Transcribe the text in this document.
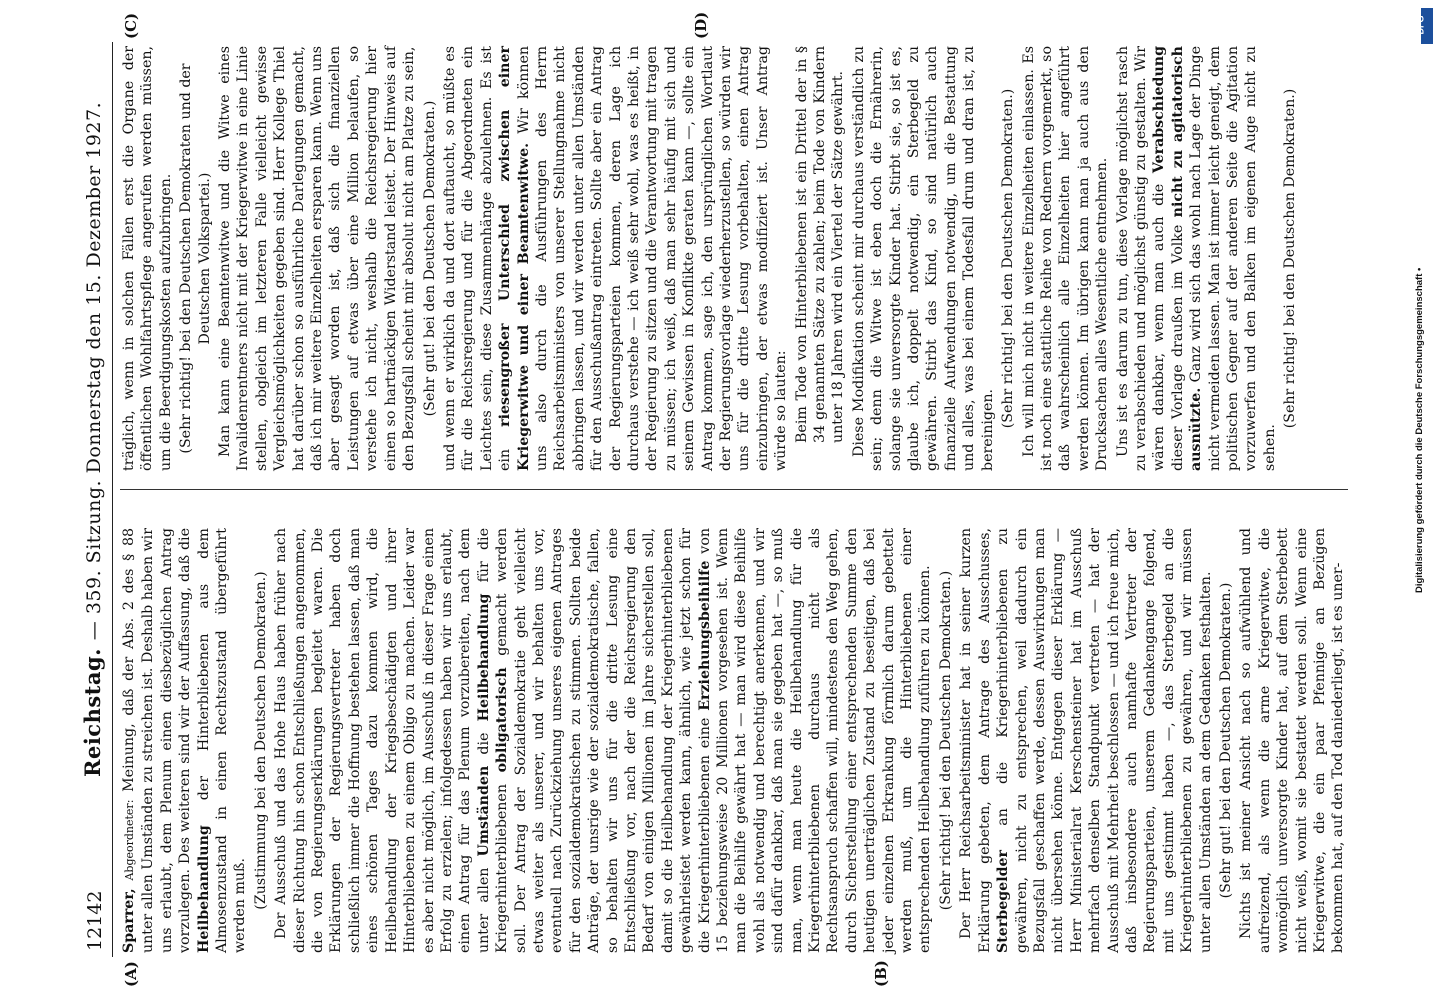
12142
Reichstag. — 359. Sitzung. Donnerstag den 15. Dezember 1927.

Sparrer, Abgeordneter: Meinung, daß der Abs. 2 des § 88 unter allen Umständen zu streichen ist. Deshalb haben wir uns erlaubt, dem Plenum einen diesbezüglichen Antrag vorzulegen. Des weiteren sind wir der Auffassung, daß die Heilbehandlung der Hinterbliebenen aus dem Almosenzustand in einen Rechtszustand übergeführt werden muß. (Zustimmung bei den Deutschen Demokraten.) Der Ausschuß und das Hohe Haus haben früher nach dieser Richtung hin schon Entschließungen angenommen, die von Regierungserklärungen begleitet waren. Die Erklärungen der Regierungsvertreter haben doch schließlich immer die Hoffnung bestehen lassen, daß man eines schönen Tages dazu kommen wird, die Heilbehandlung der Kriegsbeschädigten und ihrer Hinterbliebenen zu einem Obligo zu machen. Leider war es aber nicht möglich, im Ausschuß in dieser Frage einen Erfolg zu erzielen; infolgedessen haben wir uns erlaubt, einen Antrag für das Plenum vorzubereiten, nach dem unter allen Umständen die Heilbehandlung für die Kriegerhinterbliebenen obligatorisch gemacht werden soll. Der Antrag der Sozialdemokratie geht vielleicht etwas weiter als unserer, und wir behalten uns vor, eventuell nach Zurückziehung unseres eigenen Antrages für den sozialdemokratischen zu stimmen. Sollten beide Anträge, der unsrige wie der sozialdemokratische, fallen, so behalten wir uns für die dritte Lesung eine Entschließung vor, nach der die Reichsregierung den Bedarf von einigen Millionen im Jahre sicherstellen soll, damit so die Heilbehandlung der Kriegerhinterbliebenen gewährleistet werden kann, ähnlich, wie jetzt schon für die Kriegerhinterbliebenen eine Erziehungsbeihilfe von 15 beziehungsweise 20 Millionen vorgesehen ist. Wenn man die Beihilfe gewährt hat — man wird diese Beihilfe wohl als notwendig und berechtigt anerkennen, und wir sind dafür dankbar, daß man sie gegeben hat —, so muß man, wenn man heute die Heilbehandlung für die Kriegerhinterbliebenen durchaus nicht als Rechtsanspruch schaffen will, mindestens den Weg gehen, durch Sicherstellung einer entsprechenden Summe den heutigen unerträglichen Zustand zu beseitigen, daß bei jeder einzelnen Erkrankung förmlich darum gebettelt werden muß, um die Hinterbliebenen einer entsprechenden Heilbehandlung zuführen zu können. (Sehr richtig! bei den Deutschen Demokraten.) Der Herr Reichsarbeitsminister hat in seiner kurzen Erklärung gebeten, dem Antrage des Ausschusses, Sterbegelder an die Kriegerhinterbliebenen zu gewähren, nicht zu entsprechen, weil dadurch ein Bezugsfall geschaffen werde, dessen Auswirkungen man nicht übersehen könne. Entgegen dieser Erklärung — Herr Ministerialrat Kerschensteiner hat im Ausschuß mehrfach denselben Standpunkt vertreten — hat der Ausschuß mit Mehrheit beschlossen — und ich freue mich, daß insbesondere auch namhafte Vertreter der Regierungsparteien, unserem Gedankengange folgend, mit uns gestimmt haben —, das Sterbegeld an die Kriegerhinterbliebenen zu gewähren, und wir müssen unter allen Umständen an dem Gedanken festhalten. (Sehr gut! bei den Deutschen Demokraten.) Nichts ist meiner Ansicht nach so aufwühlend und aufreizend, als wenn die arme Kriegerwitwe, die womöglich unversorgte Kinder hat, auf dem Sterbebett nicht weiß, womit sie bestattet werden soll. Wenn eine Kriegerwitwe, die ein paar Pfennige an Bezügen bekommen hat, auf den Tod daniederliegt, ist es uner-

träglich, wenn in solchen Fällen erst die Organe der öffentlichen Wohlfahrtspflege angerufen werden müssen, um die Beerdigungskosten aufzubringen. (Sehr richtig! bei den Deutschen Demokraten und der Deutschen Volkspartei.) Man kann eine Beamtenwitwe und die Witwe eines Invalidenrentners nicht mit der Kriegerwitwe in eine Linie stellen, obgleich im letzteren Falle vielleicht gewisse Vergleichsmöglichkeiten gegeben sind. Herr Kollege Thiel hat darüber schon so ausführliche Darlegungen gemacht, daß ich mir weitere Einzelheiten ersparen kann. Wenn uns aber gesagt worden ist, daß sich die finanziellen Leistungen auf etwas über eine Million belaufen, so verstehe ich nicht, weshalb die Reichsregierung hier einen so hartnäckigen Widerstand leistet. Der Hinweis auf den Bezugsfall scheint mir absolut nicht am Platze zu sein, (Sehr gut! bei den Deutschen Demokraten.) und wenn er wirklich da und dort auftaucht, so müßte es für die Reichsregierung und für die Abgeordneten ein Leichtes sein, diese Zusammenhänge abzulehnen. Es ist ein riesengroßer Unterschied zwischen einer Kriegerwitwe und einer Beamtenwitwe. Wir können uns also durch die Ausführungen des Herrn Reichsarbeitsministers von unserer Stellungnahme nicht abbringen lassen, und wir werden unter allen Umständen für den Ausschußantrag eintreten. Sollte aber ein Antrag der Regierungsparteien kommen, deren Lage ich durchaus verstehe — ich weiß sehr wohl, was es heißt, in der Regierung zu sitzen und die Verantwortung mit tragen zu müssen; ich weiß, daß man sehr häufig mit sich und seinem Gewissen in Konflikte geraten kann —, sollte ein Antrag kommen, sage ich, den ursprünglichen Wortlaut der Regierungsvorlage wiederherzustellen, so würden wir uns für die dritte Lesung vorbehalten, einen Antrag einzubringen, der etwas modifiziert ist. Unser Antrag würde so lauten: Beim Tode von Hinterbliebenen ist ein Drittel der in § 34 genannten Sätze zu zahlen; beim Tode von Kindern unter 18 Jahren wird ein Viertel der Sätze gewährt. Diese Modifikation scheint mir durchaus verständlich zu sein; denn die Witwe ist eben doch die Ernährerin, solange sie unversorgte Kinder hat. Stirbt sie, so ist es, glaube ich, doppelt notwendig, ein Sterbegeld zu gewähren. Stirbt das Kind, so sind natürlich auch finanzielle Aufwendungen notwendig, um die Bestattung und alles, was bei einem Todesfall drum und dran ist, zu bereinigen.

(Sehr richtig! bei den Deutschen Demokraten.) Ich will mich nicht in weitere Einzelheiten einlassen. Es ist noch eine stattliche Reihe von Rednern vorgemerkt, so daß wahrscheinlich alle Einzelheiten hier angeführt werden können. Im übrigen kann man ja auch aus den Drucksachen alles Wesentliche entnehmen. Uns ist es darum zu tun, diese Vorlage möglichst rasch zu verabschieden und möglichst günstig zu gestalten. Wir wären dankbar, wenn man auch die Verabschiedung dieser Vorlage draußen im Volke nicht zu agitatorisch ausnützte. Ganz wird sich das wohl nach Lage der Dinge nicht vermeiden lassen. Man ist immer leicht geneigt, dem politischen Gegner auf der anderen Seite die Agitation vorzuwerfen und den Balken im eigenen Auge nicht zu sehen.

(Sehr richtig! bei den Deutschen Demokraten.)

(A)	(B)
(C)	(D)
Digitalisierung gefördert durch die Deutsche Forschungsgemeinschaft •
DFG
